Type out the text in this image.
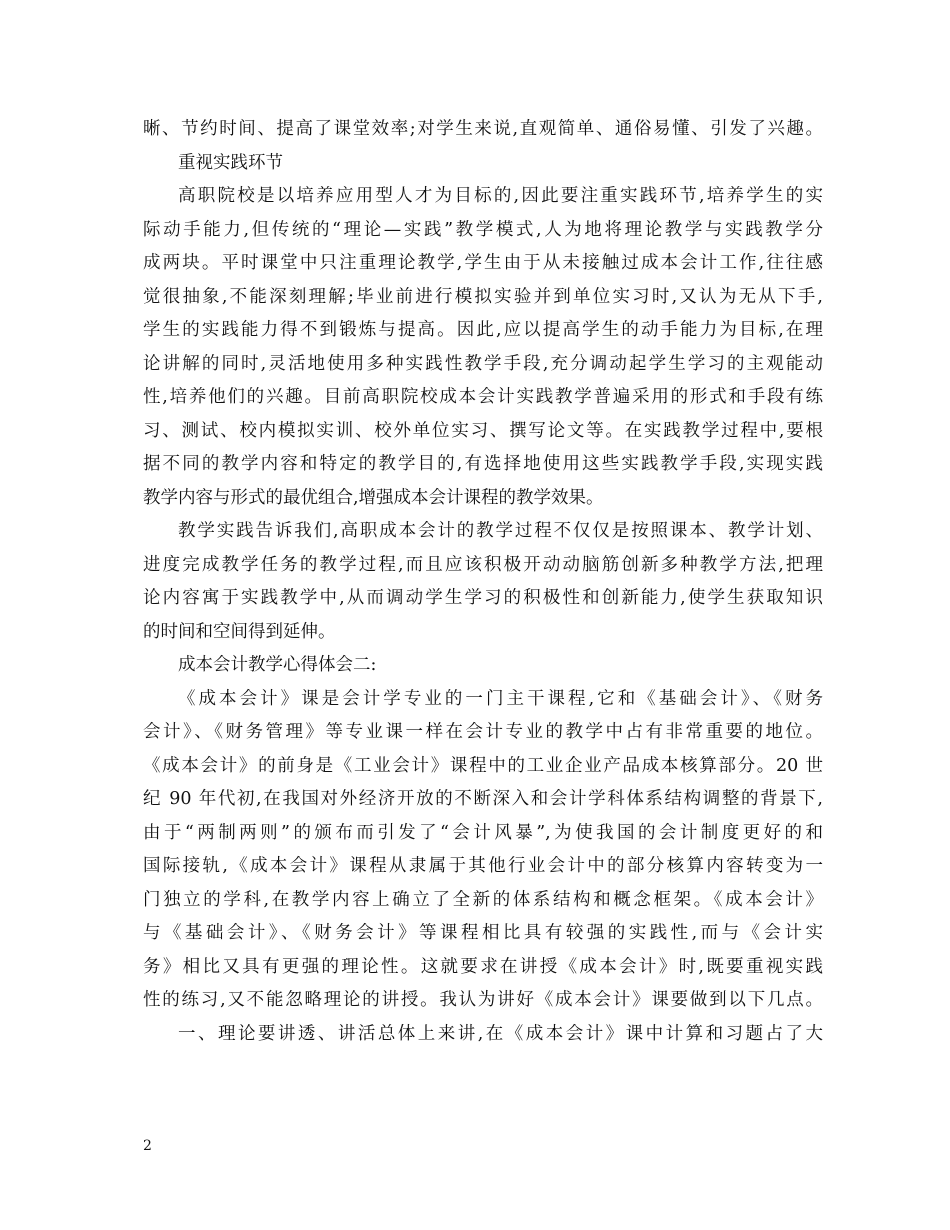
晰、节约时间、提高了课堂效率;对学生来说,直观简单、通俗易懂、引发了兴趣。
重视实践环节
高职院校是以培养应用型人才为目标的,因此要注重实践环节,培养学生的实
际动手能力,但传统的“理论—实践”教学模式,人为地将理论教学与实践教学分
成两块。平时课堂中只注重理论教学,学生由于从未接触过成本会计工作,往往感
觉很抽象,不能深刻理解;毕业前进行模拟实验并到单位实习时,又认为无从下手,
学生的实践能力得不到锻炼与提高。因此,应以提高学生的动手能力为目标,在理
论讲解的同时,灵活地使用多种实践性教学手段,充分调动起学生学习的主观能动
性,培养他们的兴趣。目前高职院校成本会计实践教学普遍采用的形式和手段有练
习、测试、校内模拟实训、校外单位实习、撰写论文等。在实践教学过程中,要根
据不同的教学内容和特定的教学目的,有选择地使用这些实践教学手段,实现实践
教学内容与形式的最优组合,增强成本会计课程的教学效果。
教学实践告诉我们,高职成本会计的教学过程不仅仅是按照课本、教学计划、
进度完成教学任务的教学过程,而且应该积极开动动脑筋创新多种教学方法,把理
论内容寓于实践教学中,从而调动学生学习的积极性和创新能力,使学生获取知识
的时间和空间得到延伸。
成本会计教学心得体会二:
《成本会计》课是会计学专业的一门主干课程,它和《基础会计》、《财务
会计》、《财务管理》等专业课一样在会计专业的教学中占有非常重要的地位。
《成本会计》的前身是《工业会计》课程中的工业企业产品成本核算部分。20 世
纪 90 年代初,在我国对外经济开放的不断深入和会计学科体系结构调整的背景下,
由于“两制两则”的颁布而引发了“会计风暴”,为使我国的会计制度更好的和
国际接轨,《成本会计》课程从隶属于其他行业会计中的部分核算内容转变为一
门独立的学科,在教学内容上确立了全新的体系结构和概念框架。《成本会计》
与《基础会计》、《财务会计》等课程相比具有较强的实践性,而与《会计实
务》相比又具有更强的理论性。这就要求在讲授《成本会计》时,既要重视实践
性的练习,又不能忽略理论的讲授。我认为讲好《成本会计》课要做到以下几点。
一、理论要讲透、讲活总体上来讲,在《成本会计》课中计算和习题占了大
2
